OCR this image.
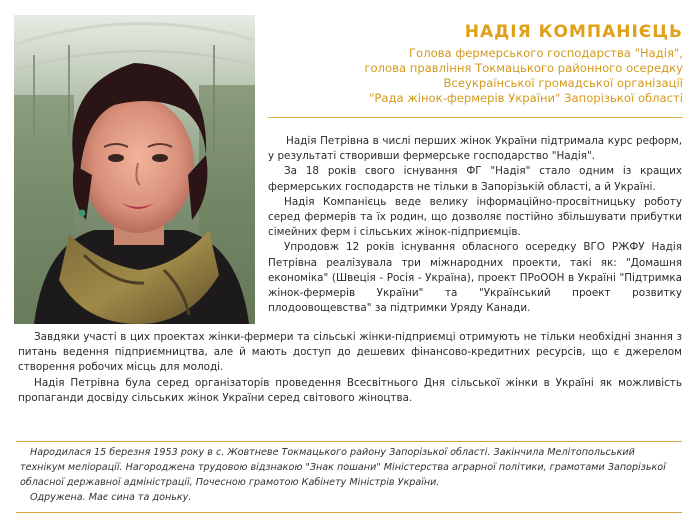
НАДІЯ КОМПАНІЄЦЬ

Голова фермерського господарства "Надія",

голова правління Токмацького районного осередку

Всеукраїнської громадської організації

"Рада жінок-фермерів України" Запорізької області

Надія Петрівна в числі перших жінок України підтримала курс реформ, у результаті створивши фермерське господарство "Надія".

За 18 років свого існування ФГ "Надія" стало одним із кращих фермерських господарств не тільки в Запорізькій області, а й Україні.

Надія Компанієць веде велику інформаційно-просвітницьку роботу серед фермерів та їх родин, що дозволяє постійно збільшувати прибутки сімейних ферм і сільських жінок-підприємців.

Упродовж 12 років існування обласного осередку ВГО РЖФУ Надія Петрівна реалізувала три міжнародних проекти, такі як: "Домашня економіка" (Швеція - Росія - Україна), проект ПРоООН в Україні "Підтримка жінок-фермерів України" та "Український проект розвитку плодоовощевства" за підтримки Уряду Канади.

Завдяки участі в цих проектах жінки-фермери та сільські жінки-підприємці отримують не тільки необхідні знання з питань ведення підприємництва, але й мають доступ до дешевих фінансово-кредитних ресурсів, що є джерелом створення робочих місць для молоді.

Надія Петрівна була серед організаторів проведення Всесвітнього Дня сільської жінки в Україні як можливість пропаганди досвіду сільських жінок України серед світового жіноцтва.

Народилася 15 березня 1953 року в с. Жовтневе Токмацького району Запорізької області. Закінчила Мелітопольський технікум меліорації. Нагороджена трудовою відзнакою "Знак пошани" Міністерства аграрної політики, грамотами Запорізької обласної державної адміністрації, Почесною грамотою Кабінету Міністрів України.

Одружена. Має сина та доньку.
